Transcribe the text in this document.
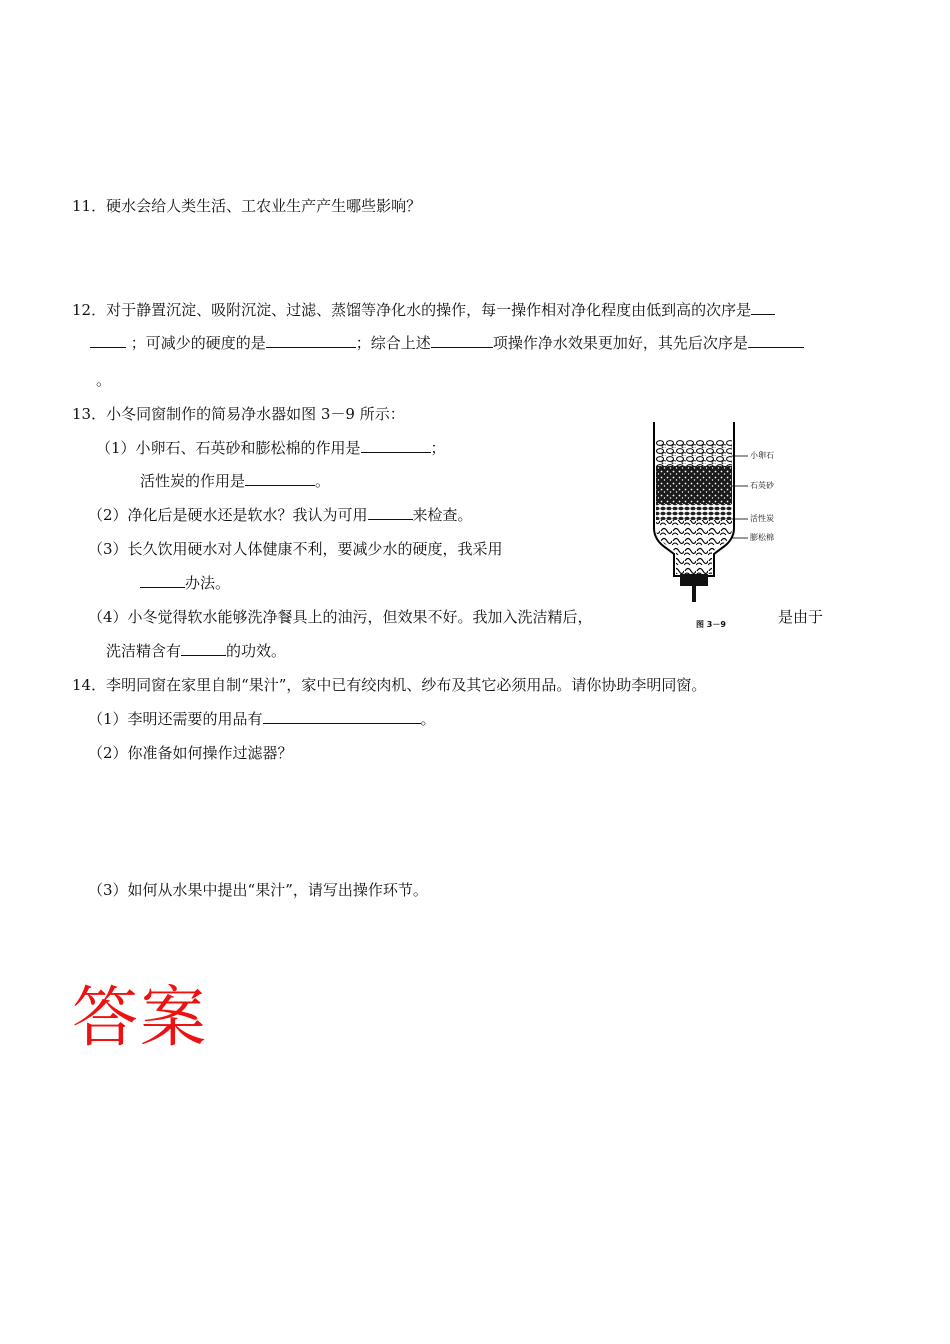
11．硬水会给人类生活、工农业生产产生哪些影响？
12．对于静置沉淀、吸附沉淀、过滤、蒸馏等净化水的操作，每一操作相对净化程度由低到高的次序是
；可减少的硬度的是	；综合上述	项操作净水效果更加好，其先后次序是
。
13．小冬同窗制作的简易净水器如图 3－9 所示：
（1）小卵石、石英砂和膨松棉的作用是	；
活性炭的作用是	。
（2）净化后是硬水还是软水？我认为可用	来检查。
（3）长久饮用硬水对人体健康不利，要减少水的硬度，我采用
办法。
（4）小冬觉得软水能够洗净餐具上的油污，但效果不好。我加入洗洁精后，	是由于
洗洁精含有	的功效。
小卵石
石英砂
活性炭
膨松棉
图 3－9
14．李明同窗在家里自制“果汁”，家中已有绞肉机、纱布及其它必须用品。请你协助李明同窗。
（1）李明还需要的用品有	。
（2）你准备如何操作过滤器？
（3）如何从水果中提出“果汁”，请写出操作环节。
答案
